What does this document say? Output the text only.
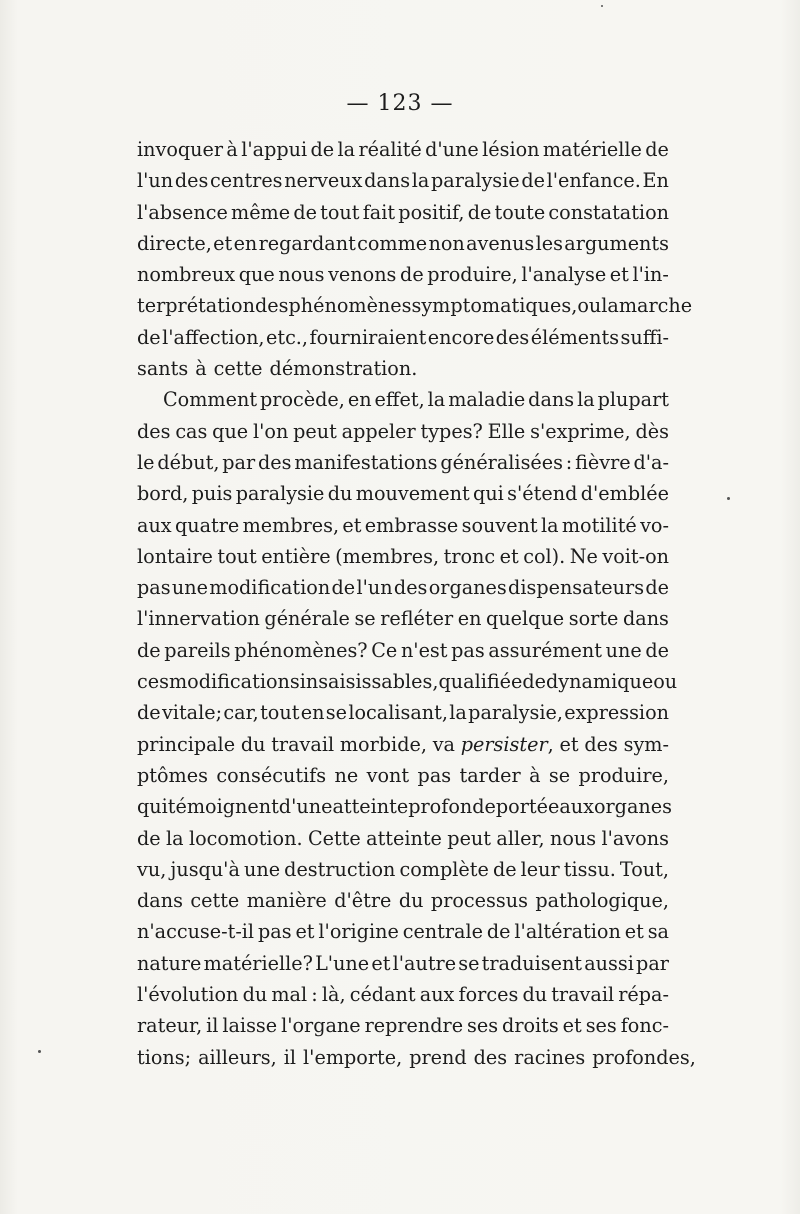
— 123 —
invoquer à l'appui de la réalité d'une lésion matérielle de
l'un des centres nerveux dans la paralysie de l'enfance. En
l'absence même de tout fait positif, de toute constatation
directe, et en regardant comme non avenus les arguments
nombreux que nous venons de produire, l'analyse et l'in-
terprétation des phénomènes symptomatiques, ou la marche
de l'affection, etc., fourniraient encore des éléments suffi-
sants à cette démonstration.
Comment procède, en effet, la maladie dans la plupart
des cas que l'on peut appeler types? Elle s'exprime, dès
le début, par des manifestations généralisées : fièvre d'a-
bord, puis paralysie du mouvement qui s'étend d'emblée
aux quatre membres, et embrasse souvent la motilité vo-
lontaire tout entière (membres, tronc et col). Ne voit-on
pas une modification de l'un des organes dispensateurs de
l'innervation générale se refléter en quelque sorte dans
de pareils phénomènes? Ce n'est pas assurément une de
ces modifications insaisissables, qualifiée de dynamique ou
de vitale; car, tout en se localisant, la paralysie, expression
principale du travail morbide, va persister, et des sym-
ptômes consécutifs ne vont pas tarder à se produire,
qui témoignent d'une atteinte profonde portée aux organes
de la locomotion. Cette atteinte peut aller, nous l'avons
vu, jusqu'à une destruction complète de leur tissu. Tout,
dans cette manière d'être du processus pathologique,
n'accuse-t-il pas et l'origine centrale de l'altération et sa
nature matérielle? L'une et l'autre se traduisent aussi par
l'évolution du mal : là, cédant aux forces du travail répa-
rateur, il laisse l'organe reprendre ses droits et ses fonc-
tions; ailleurs, il l'emporte, prend des racines profondes,
